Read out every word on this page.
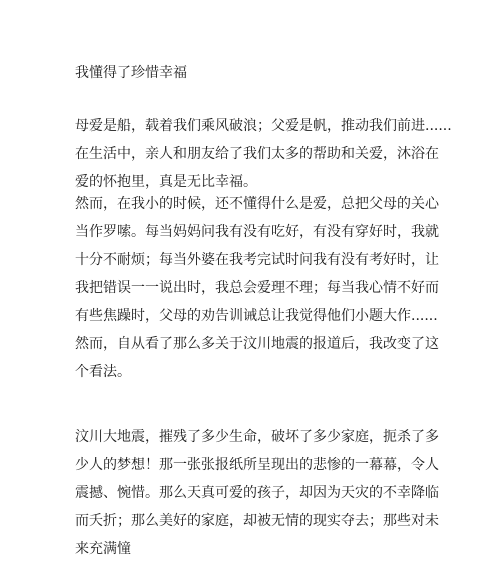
我懂得了珍惜幸福
母爱是船，载着我们乘风破浪；父爱是帆，推动我们前进......
在生活中，亲人和朋友给了我们太多的帮助和关爱，沐浴在
爱的怀抱里，真是无比幸福。
然而，在我小的时候，还不懂得什么是爱，总把父母的关心
当作罗嗦。每当妈妈问我有没有吃好，有没有穿好时，我就
十分不耐烦；每当外婆在我考完试时问我有没有考好时，让
我把错误一一说出时，我总会爱理不理；每当我心情不好而
有些焦躁时，父母的劝告训诫总让我觉得他们小题大作......
然而，自从看了那么多关于汶川地震的报道后，我改变了这
个看法。
汶川大地震，摧残了多少生命，破坏了多少家庭，扼杀了多
少人的梦想！那一张张报纸所呈现出的悲惨的一幕幕，令人
震撼、惋惜。那么天真可爱的孩子，却因为天灾的不幸降临
而夭折；那么美好的家庭，却被无情的现实夺去；那些对未
来充满憧
